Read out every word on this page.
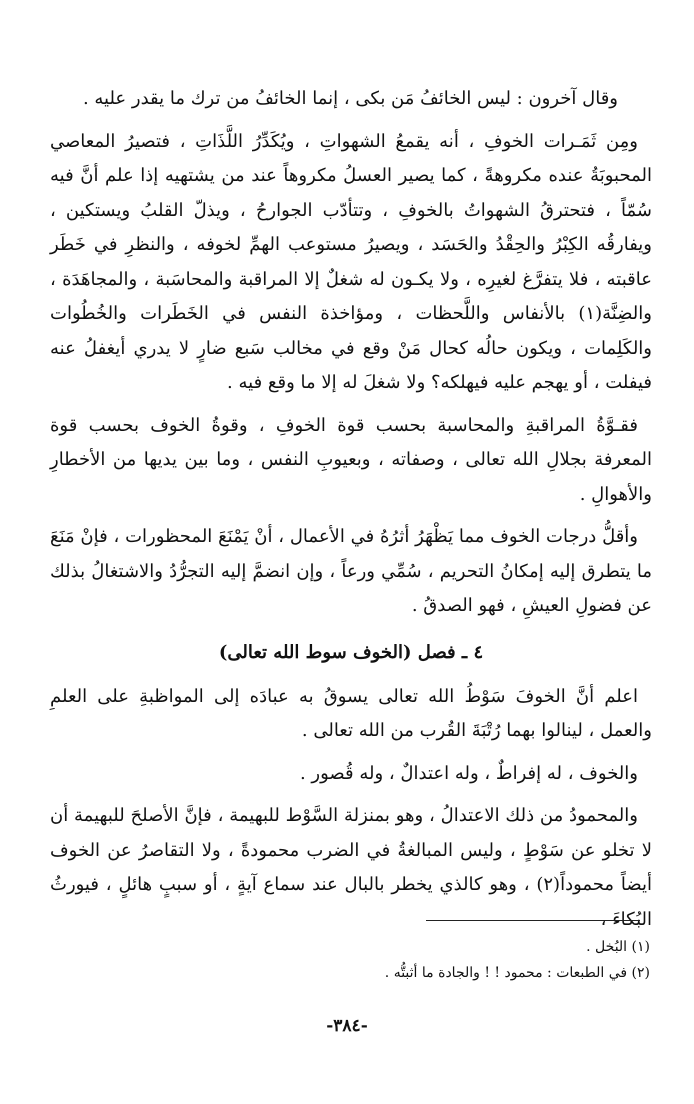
وقال آخرون : ليس الخائفُ مَن بكى ، إنما الخائفُ من ترك ما يقدر عليه .

ومِن ثَمَـرات الخوفِ ، أنه يقمعُ الشهواتِ ، ويُكَدِّرُ اللَّذَاتِ ، فتصيرُ المعاصي المحبوبَةُ عنده مكروهةً ، كما يصير العسلُ مكروهاً عند من يشتهيه إذا علم أنَّ فيه سُمّاً ، فتحترقُ الشهواتُ بالخوفِ ، وتتأدّب الجوارحُ ، ويذلّ القلبُ ويستكين ، ويفارقُه الكِبْرُ والحِقْدُ والحَسَد ، ويصيرُ مستوعب الهمِّ لخوفه ، والنظرِ في خَطَر عاقبته ، فلا يتفرَّغ لغيرِه ، ولا يكـون له شغلٌ إلا المراقبة والمحاسَبة ، والمجاهَدَة ، والضِنَّة(١) بالأنفاس واللَّحظات ، ومؤاخذة النفس في الخَطَرات والخُطُوات والكَلِمات ، ويكون حالُه كحال مَنْ وقع في مخالب سَبع ضارٍ لا يدري أيغفلُ عنه فيفلت ، أو يهجم عليه فيهلكه؟ ولا شغلَ له إلا ما وقع فيه .

فقـوَّةُ المراقبةِ والمحاسبة بحسب قوة الخوفِ ، وقوةُ الخوف بحسب قوة المعرفة بجلالِ الله تعالى ، وصفاته ، وبعيوبِ النفس ، وما بين يديها من الأخطارِ والأهوالِ .

وأقلُّ درجات الخوف مما يَظْهَرُ أثرُهُ في الأعمال ، أنْ يَمْنَعَ المحظورات ، فإنْ مَنَعَ ما يتطرق إليه إمكانُ التحريم ، سُمِّي ورعاً ، وإن انضمَّ إليه التجرُّدُ والاشتغالُ بذلك عن فضولِ العيشِ ، فهو الصدقُ .

٤ ـ فصل (الخوف سوط الله تعالى)

اعلم أنَّ الخوفَ سَوْطُ الله تعالى يسوقُ به عبادَه إلى المواظبةِ على العلمِ والعمل ، لينالوا بهما رُتْبَةَ القُرب من الله تعالى .

والخوف ، له إفراطٌ ، وله اعتدالٌ ، وله قُصور .

والمحمودُ من ذلك الاعتدالُ ، وهو بمنزلة السَّوْط للبهيمة ، فإنَّ الأصلحَ للبهيمة أن لا تخلو عن سَوْطٍ ، وليس المبالغةُ في الضرب محمودةً ، ولا التقاصرُ عن الخوف أيضاً محموداً(٢) ، وهو كالذي يخطر بالبال عند سماع آيةٍ ، أو سببٍ هائلٍ ، فيورثُ البُكاءَ ،

(١) البُخل .

(٢) في الطبعات : محمود ! ! والجادة ما أثبتُّه .

-٣٨٤-
